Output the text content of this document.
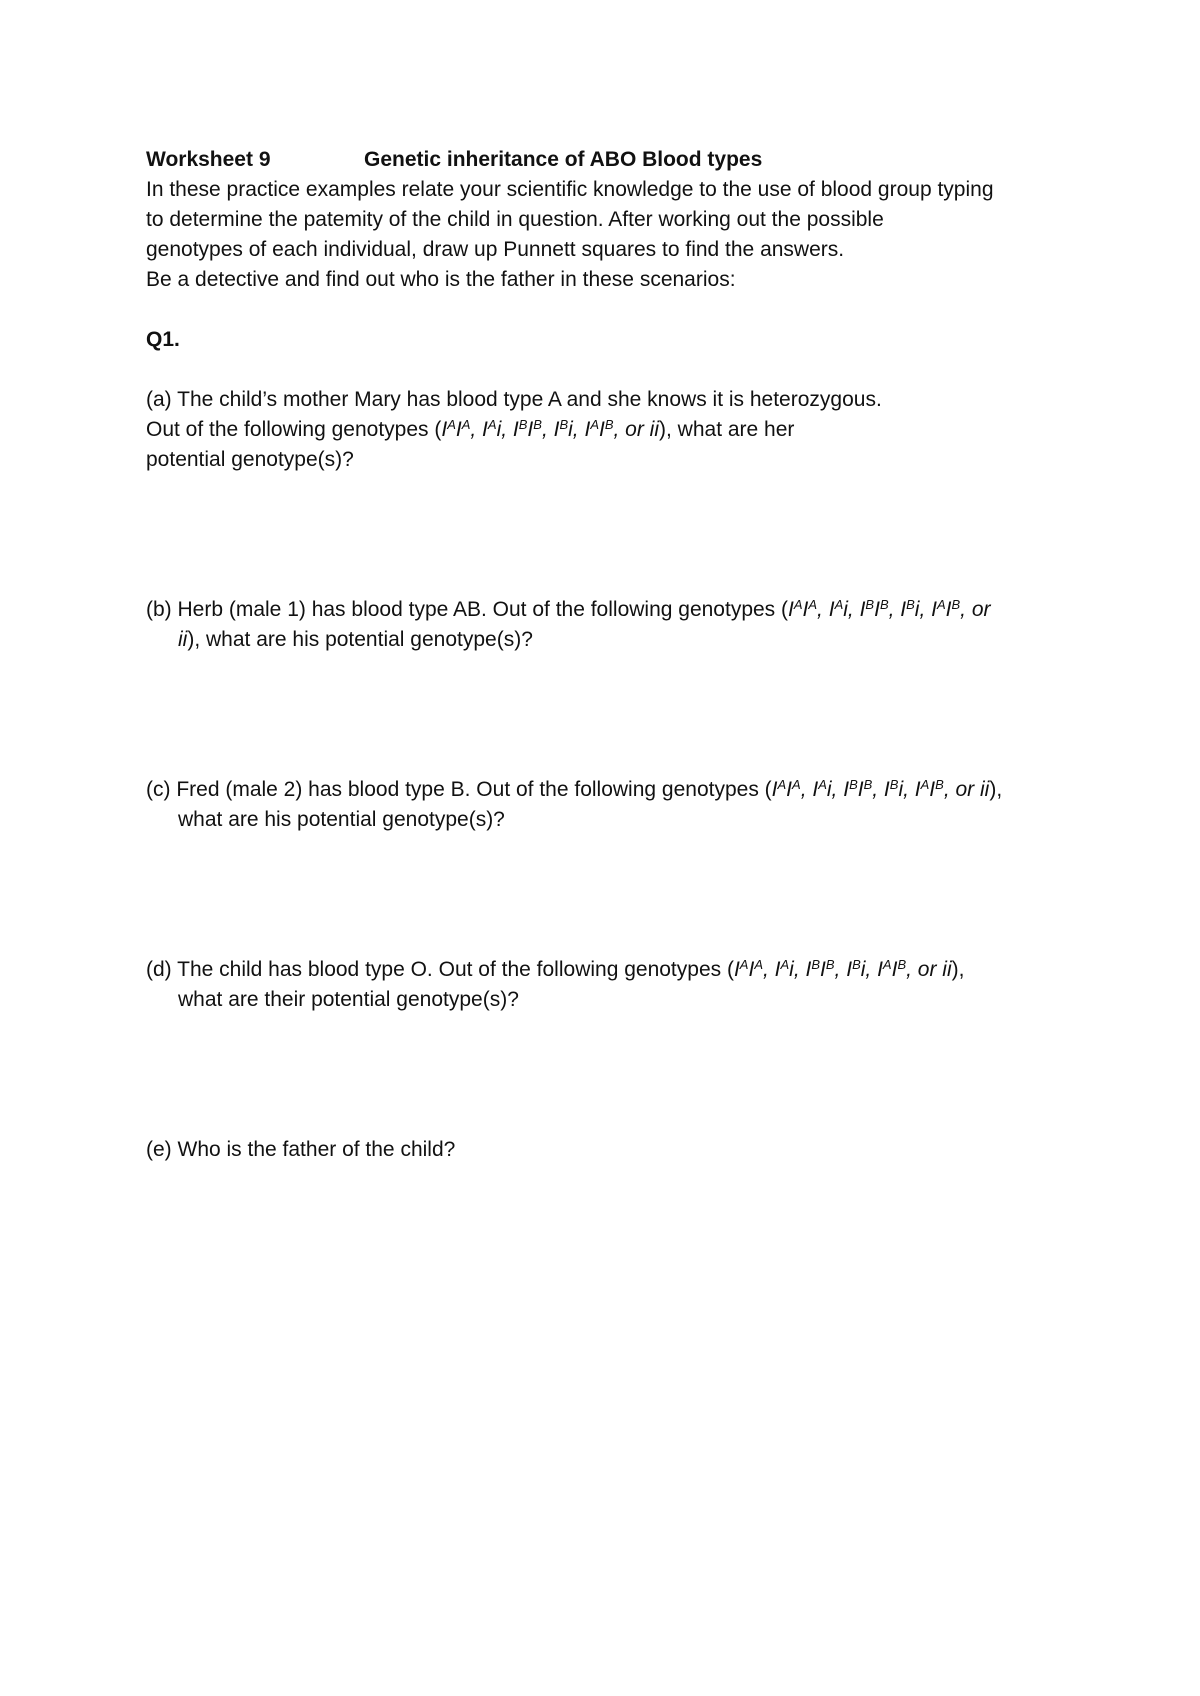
Worksheet 9	Genetic inheritance of ABO Blood types
In these practice examples relate your scientific knowledge to the use of blood group typing
to determine the patemity of the child in question. After working out the possible
genotypes of each individual, draw up Punnett squares to find the answers.
Be a detective and find out who is the father in these scenarios:
Q1.
(a) The child’s mother Mary has blood type A and she knows it is heterozygous.
Out of the following genotypes ($I^AI^A$, $I^Ai$, $I^BI^B$, $I^Bi$, $I^AI^B$, or ii), what are her
potential genotype(s)?
(b) Herb (male 1) has blood type AB. Out of the following genotypes ($I^AI^A$, $I^Ai$, $I^BI^B$, $I^Bi$, $I^AI^B$, or
ii), what are his potential genotype(s)?
(c) Fred (male 2) has blood type B. Out of the following genotypes ($I^AI^A$, $I^Ai$, $I^BI^B$, $I^Bi$, $I^AI^B$, or ii),
what are his potential genotype(s)?
(d) The child has blood type O. Out of the following genotypes ($I^AI^A$, $I^Ai$, $I^BI^B$, $I^Bi$, $I^AI^B$, or ii),
what are their potential genotype(s)?
(e) Who is the father of the child?
